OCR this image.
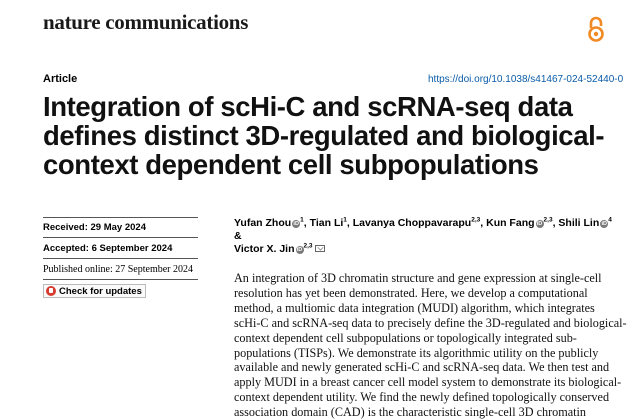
nature communications
Article	https://doi.org/10.1038/s41467-024-52440-0
Integration of scHi-C and scRNA-seq data
defines distinct 3D-regulated and biological-
context dependent cell subpopulations
Received: 29 May 2024
Accepted: 6 September 2024
Published online: 27 September 2024
Check for updates
Yufan Zhou $iD^1$, Tian Li$^1$, Lavanya Choppavarapu$^{2,3}$, Kun Fang iD$^{2,3}$, Shili Lin $iD^4$ &
Victor X. Jin iD$^{2,3}$
An integration of 3D chromatin structure and gene expression at single-cell
resolution has yet been demonstrated. Here, we develop a computational
method, a multiomic data integration (MUDI) algorithm, which integrates
scHi-C and scRNA-seq data to precisely define the 3D-regulated and biological-
context dependent cell subpopulations or topologically integrated sub-
populations (TISPs). We demonstrate its algorithmic utility on the publicly
available and newly generated scHi-C and scRNA-seq data. We then test and
apply MUDI in a breast cancer cell model system to demonstrate its biological-
context dependent utility. We find the newly defined topologically conserved
association domain (CAD) is the characteristic single-cell 3D chromatin
